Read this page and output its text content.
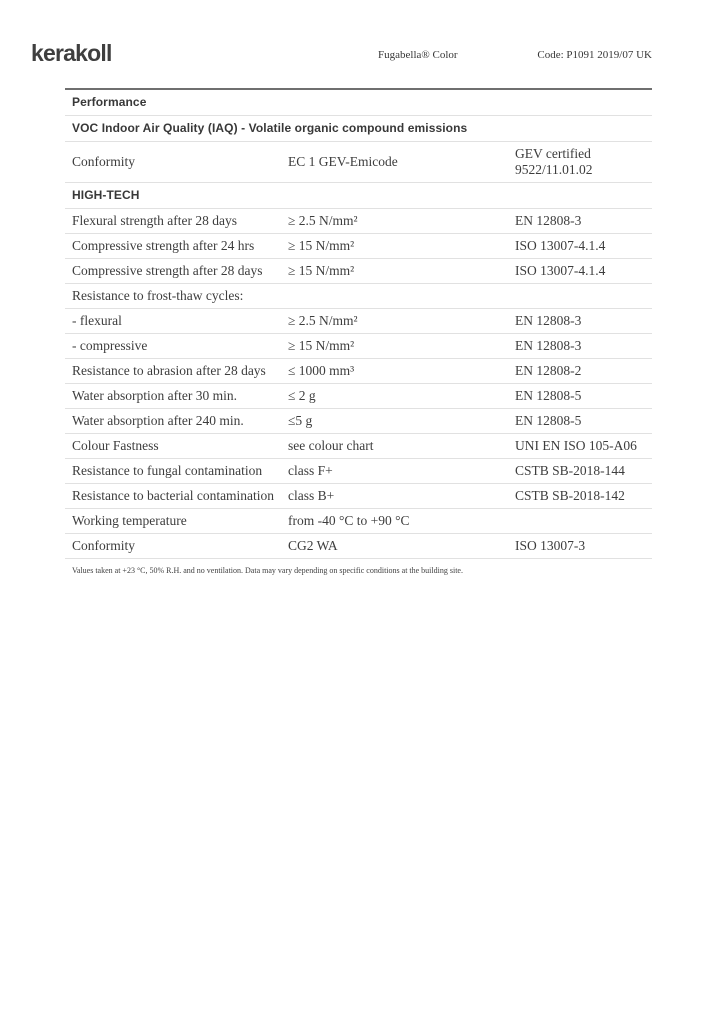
kerakoll	Fugabella® Color	Code: P1091 2019/07 UK
Performance		
VOC Indoor Air Quality (IAQ) - Volatile organic compound emissions		
Conformity	EC 1 GEV-Emicode	GEV certified 9522/11.01.02
HIGH-TECH		
Flexural strength after 28 days	≥ 2.5 N/mm²	EN 12808-3
Compressive strength after 24 hrs	≥ 15 N/mm²	ISO 13007-4.1.4
Compressive strength after 28 days	≥ 15 N/mm²	ISO 13007-4.1.4
Resistance to frost-thaw cycles:		
- flexural	≥ 2.5 N/mm²	EN 12808-3
- compressive	≥ 15 N/mm²	EN 12808-3
Resistance to abrasion after 28 days	≤ 1000 mm³	EN 12808-2
Water absorption after 30 min.	≤ 2 g	EN 12808-5
Water absorption after 240 min.	≤5 g	EN 12808-5
Colour Fastness	see colour chart	UNI EN ISO 105-A06
Resistance to fungal contamination	class F+	CSTB SB-2018-144
Resistance to bacterial contamination	class B+	CSTB SB-2018-142
Working temperature	from -40 °C to +90 °C	
Conformity	CG2 WA	ISO 13007-3
Values taken at +23 °C, 50% R.H. and no ventilation. Data may vary depending on specific conditions at the building site.
